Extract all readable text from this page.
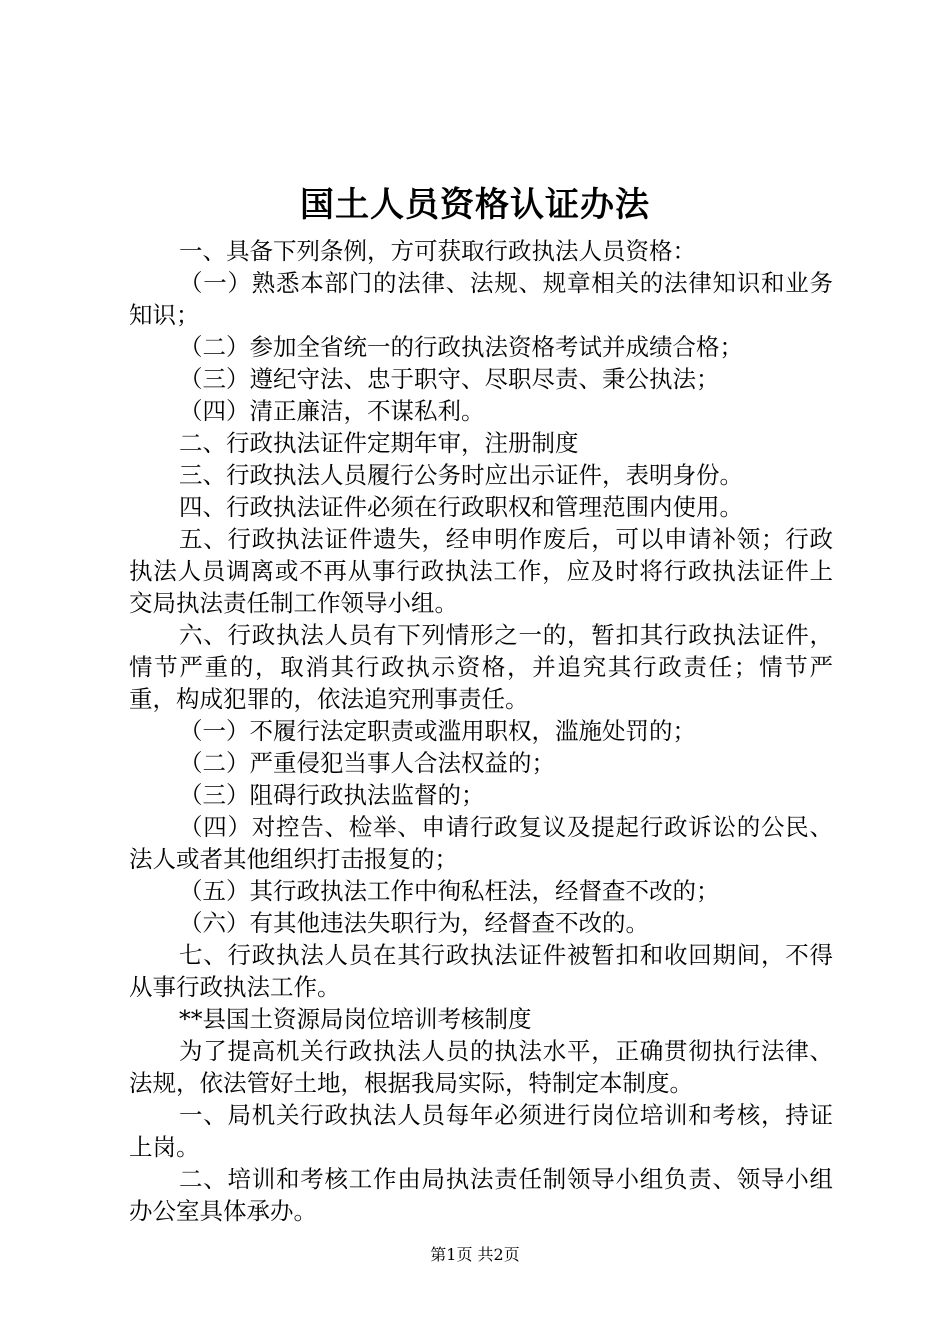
国土人员资格认证办法

一、具备下列条例，方可获取行政执法人员资格：

（一）熟悉本部门的法律、法规、规章相关的法律知识和业务知识；

（二）参加全省统一的行政执法资格考试并成绩合格；

（三）遵纪守法、忠于职守、尽职尽责、秉公执法；

（四）清正廉洁，不谋私利。

二、行政执法证件定期年审，注册制度

三、行政执法人员履行公务时应出示证件，表明身份。

四、行政执法证件必须在行政职权和管理范围内使用。

五、行政执法证件遗失，经申明作废后，可以申请补领；行政执法人员调离或不再从事行政执法工作，应及时将行政执法证件上交局执法责任制工作领导小组。

六、行政执法人员有下列情形之一的，暂扣其行政执法证件，情节严重的，取消其行政执示资格，并追究其行政责任；情节严重，构成犯罪的，依法追究刑事责任。

（一）不履行法定职责或滥用职权，滥施处罚的；

（二）严重侵犯当事人合法权益的；

（三）阻碍行政执法监督的；

（四）对控告、检举、申请行政复议及提起行政诉讼的公民、法人或者其他组织打击报复的；

（五）其行政执法工作中徇私枉法，经督查不改的；

（六）有其他违法失职行为，经督查不改的。

七、行政执法人员在其行政执法证件被暂扣和收回期间，不得从事行政执法工作。

**县国土资源局岗位培训考核制度

为了提高机关行政执法人员的执法水平，正确贯彻执行法律、法规，依法管好土地，根据我局实际，特制定本制度。

一、局机关行政执法人员每年必须进行岗位培训和考核，持证上岗。

二、培训和考核工作由局执法责任制领导小组负责、领导小组办公室具体承办。

第1页 共2页
